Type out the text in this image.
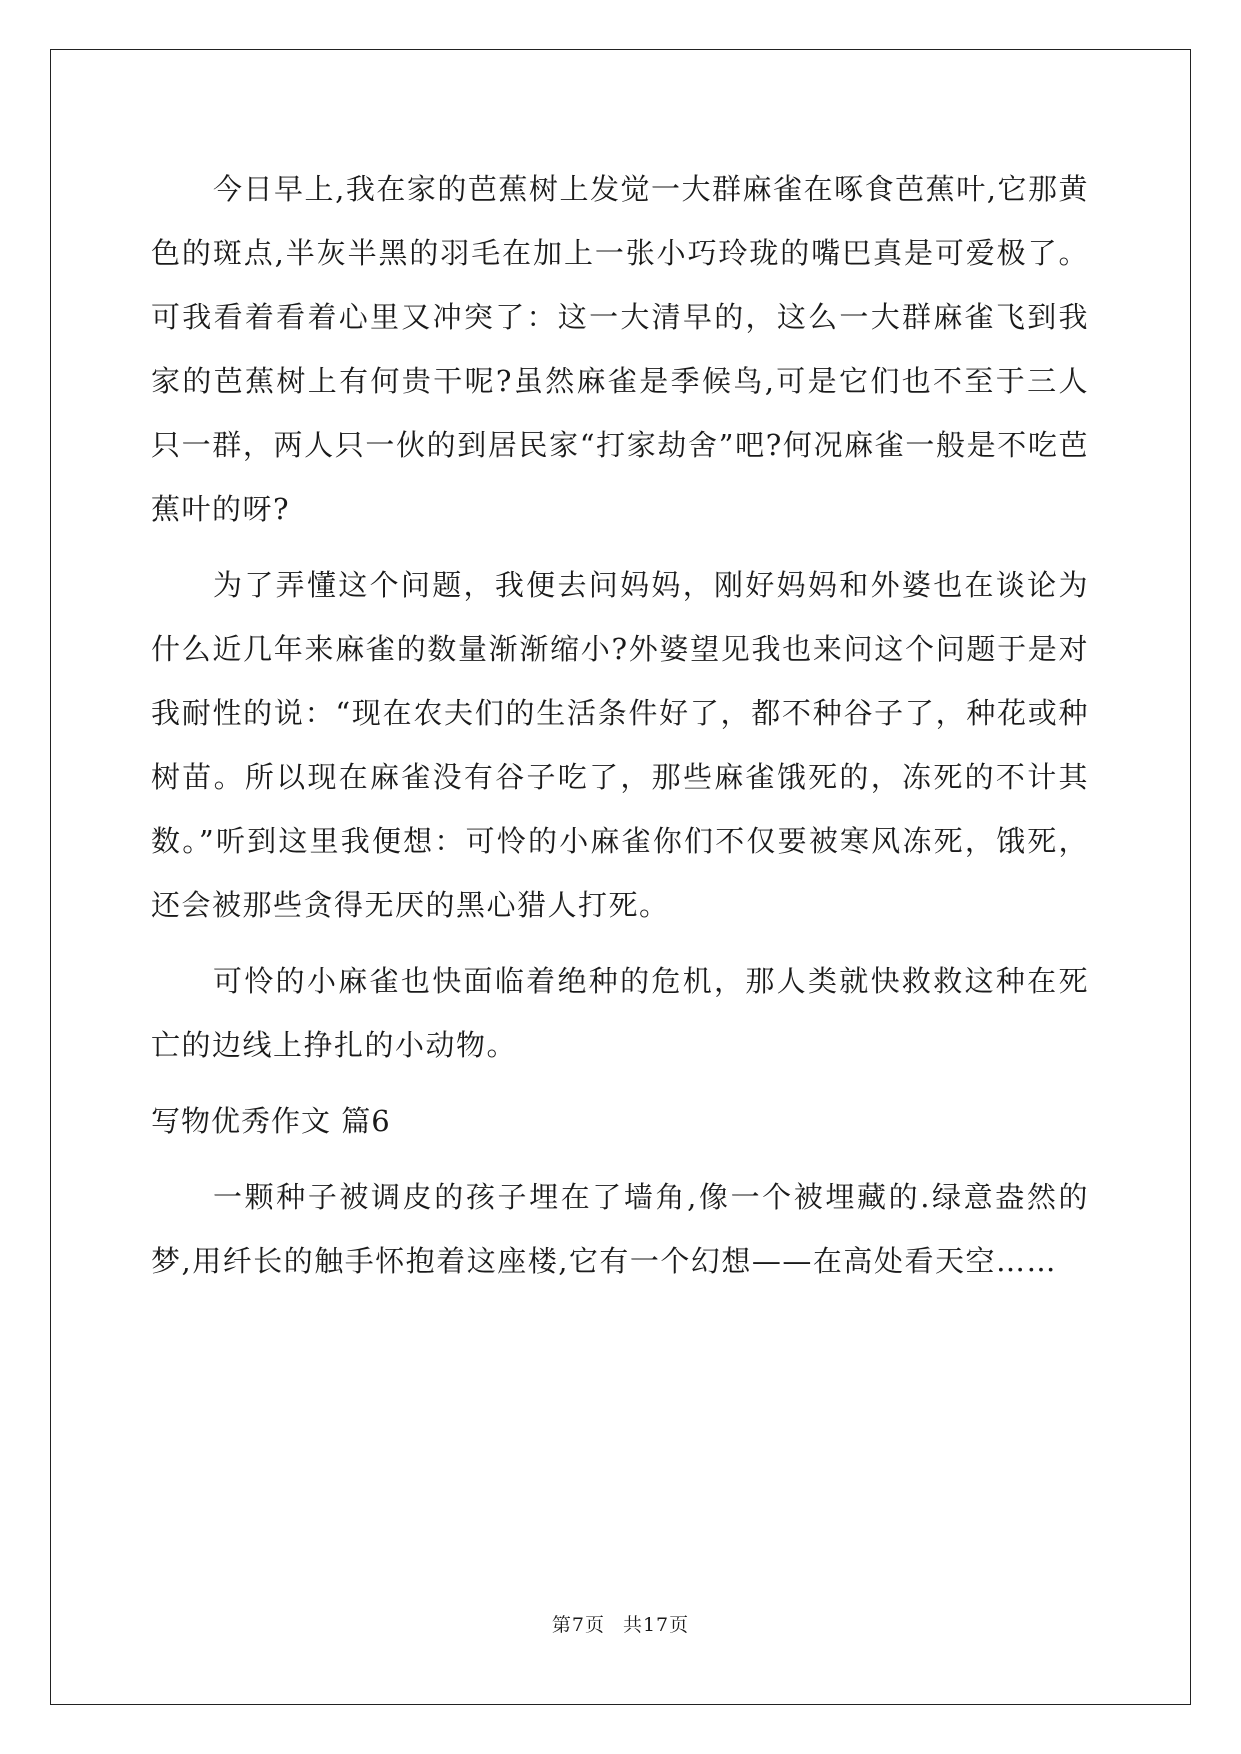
今日早上,我在家的芭蕉树上发觉一大群麻雀在啄食芭蕉叶,它那黄色的斑点,半灰半黑的羽毛在加上一张小巧玲珑的嘴巴真是可爱极了。可我看着看着心里又冲突了：这一大清早的，这么一大群麻雀飞到我家的芭蕉树上有何贵干呢?虽然麻雀是季候鸟,可是它们也不至于三人只一群，两人只一伙的到居民家“打家劫舍”吧?何况麻雀一般是不吃芭蕉叶的呀?

为了弄懂这个问题，我便去问妈妈，刚好妈妈和外婆也在谈论为什么近几年来麻雀的数量渐渐缩小?外婆望见我也来问这个问题于是对我耐性的说：“现在农夫们的生活条件好了，都不种谷子了，种花或种树苗。所以现在麻雀没有谷子吃了，那些麻雀饿死的，冻死的不计其数。”听到这里我便想：可怜的小麻雀你们不仅要被寒风冻死，饿死，还会被那些贪得无厌的黑心猎人打死。

可怜的小麻雀也快面临着绝种的危机，那人类就快救救这种在死亡的边线上挣扎的小动物。

写物优秀作文 篇6

一颗种子被调皮的孩子埋在了墙角,像一个被埋藏的.绿意盎然的梦,用纤长的触手怀抱着这座楼,它有一个幻想——在高处看天空……

第7页 共17页
